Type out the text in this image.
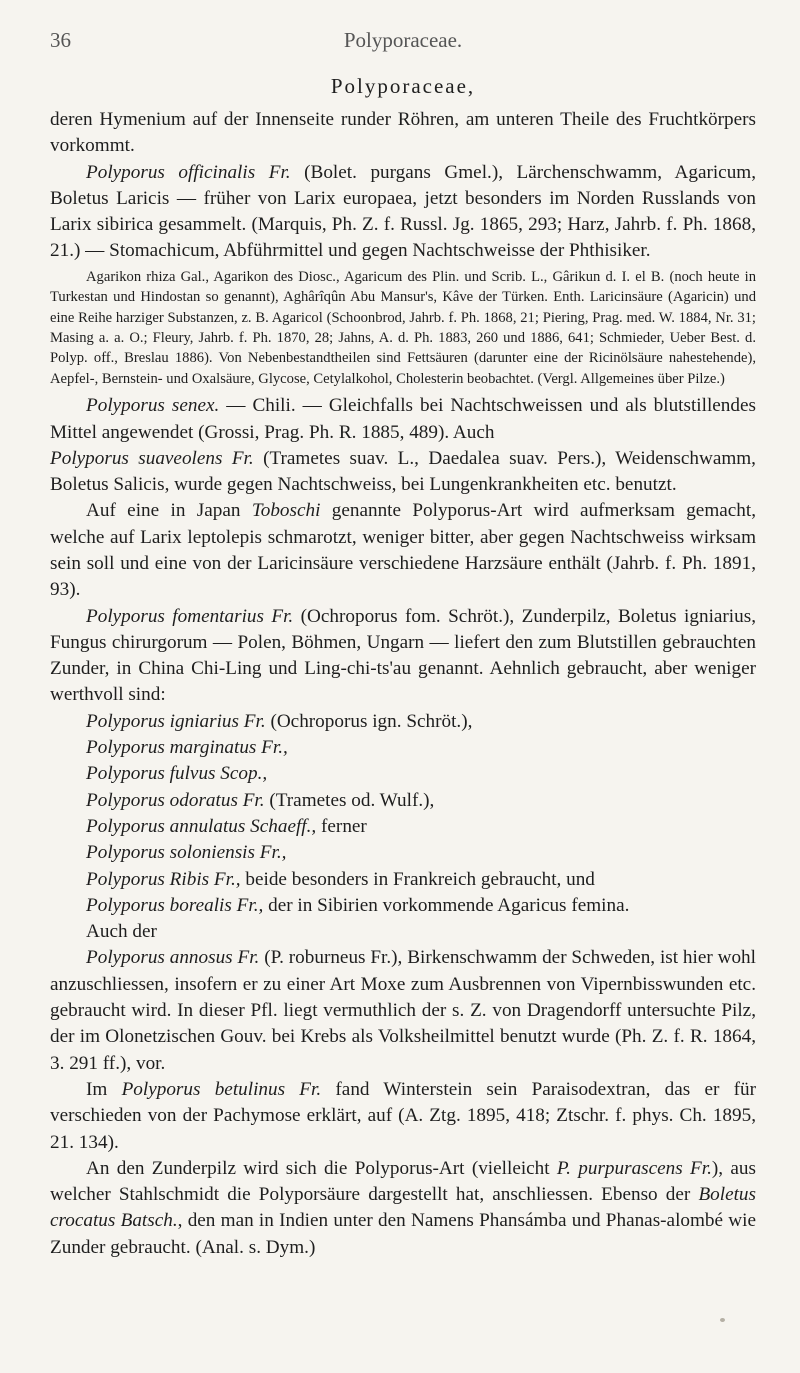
36	Polyporaceae.
Polyporaceae,

deren Hymenium auf der Innenseite runder Röhren, am unteren Theile des Fruchtkörpers vorkommt.

Polyporus officinalis Fr. (Bolet. purgans Gmel.), Lärchenschwamm, Agaricum, Boletus Laricis — früher von Larix europaea, jetzt besonders im Norden Russlands von Larix sibirica gesammelt. (Marquis, Ph. Z. f. Russl. Jg. 1865, 293; Harz, Jahrb. f. Ph. 1868, 21.) — Stomachicum, Abführmittel und gegen Nachtschweisse der Phthisiker.

Agarikon rhiza Gal., Agarikon des Diosc., Agaricum des Plin. und Scrib. L., Gârikun d. I. el B. (noch heute in Turkestan und Hindostan so genannt), Aghârîqûn Abu Mansur's, Kâve der Türken. Enth. Laricinsäure (Agaricin) und eine Reihe harziger Substanzen, z. B. Agaricol (Schoonbrod, Jahrb. f. Ph. 1868, 21; Piering, Prag. med. W. 1884, Nr. 31; Masing a. a. O.; Fleury, Jahrb. f. Ph. 1870, 28; Jahns, A. d. Ph. 1883, 260 und 1886, 641; Schmieder, Ueber Best. d. Polyp. off., Breslau 1886). Von Nebenbestandtheilen sind Fettsäuren (darunter eine der Ricinölsäure nahestehende), Aepfel-, Bernstein- und Oxalsäure, Glycose, Cetylalkohol, Cholesterin beobachtet. (Vergl. Allgemeines über Pilze.)

Polyporus senex. — Chili. — Gleichfalls bei Nachtschweissen und als blutstillendes Mittel angewendet (Grossi, Prag. Ph. R. 1885, 489). Auch
Polyporus suaveolens Fr. (Trametes suav. L., Daedalea suav. Pers.), Weidenschwamm, Boletus Salicis, wurde gegen Nachtschweiss, bei Lungenkrankheiten etc. benutzt.

Auf eine in Japan Toboschi genannte Polyporus-Art wird aufmerksam gemacht, welche auf Larix leptolepis schmarotzt, weniger bitter, aber gegen Nachtschweiss wirksam sein soll und eine von der Laricinsäure verschiedene Harzsäure enthält (Jahrb. f. Ph. 1891, 93).

Polyporus fomentarius Fr. (Ochroporus fom. Schröt.), Zunderpilz, Boletus igniarius, Fungus chirurgorum — Polen, Böhmen, Ungarn — liefert den zum Blutstillen gebrauchten Zunder, in China Chi-Ling und Ling-chi-ts'au genannt. Aehnlich gebraucht, aber weniger werthvoll sind:

Polyporus igniarius Fr. (Ochroporus ign. Schröt.),

Polyporus marginatus Fr.,

Polyporus fulvus Scop.,

Polyporus odoratus Fr. (Trametes od. Wulf.),

Polyporus annulatus Schaeff., ferner

Polyporus soloniensis Fr.,

Polyporus Ribis Fr., beide besonders in Frankreich gebraucht, und

Polyporus borealis Fr., der in Sibirien vorkommende Agaricus femina.

Auch der

Polyporus annosus Fr. (P. roburneus Fr.), Birkenschwamm der Schweden, ist hier wohl anzuschliessen, insofern er zu einer Art Moxe zum Ausbrennen von Vipernbisswunden etc. gebraucht wird. In dieser Pfl. liegt vermuthlich der s. Z. von Dragendorff untersuchte Pilz, der im Olonetzischen Gouv. bei Krebs als Volksheilmittel benutzt wurde (Ph. Z. f. R. 1864, 3. 291 ff.), vor.

Im Polyporus betulinus Fr. fand Winterstein sein Paraisodextran, das er für verschieden von der Pachymose erklärt, auf (A. Ztg. 1895, 418; Ztschr. f. phys. Ch. 1895, 21. 134).

An den Zunderpilz wird sich die Polyporus-Art (vielleicht P. purpurascens Fr.), aus welcher Stahlschmidt die Polyporsäure dargestellt hat, anschliessen. Ebenso der Boletus crocatus Batsch., den man in Indien unter den Namens Phansámba und Phanas-alombé wie Zunder gebraucht. (Anal. s. Dym.)
